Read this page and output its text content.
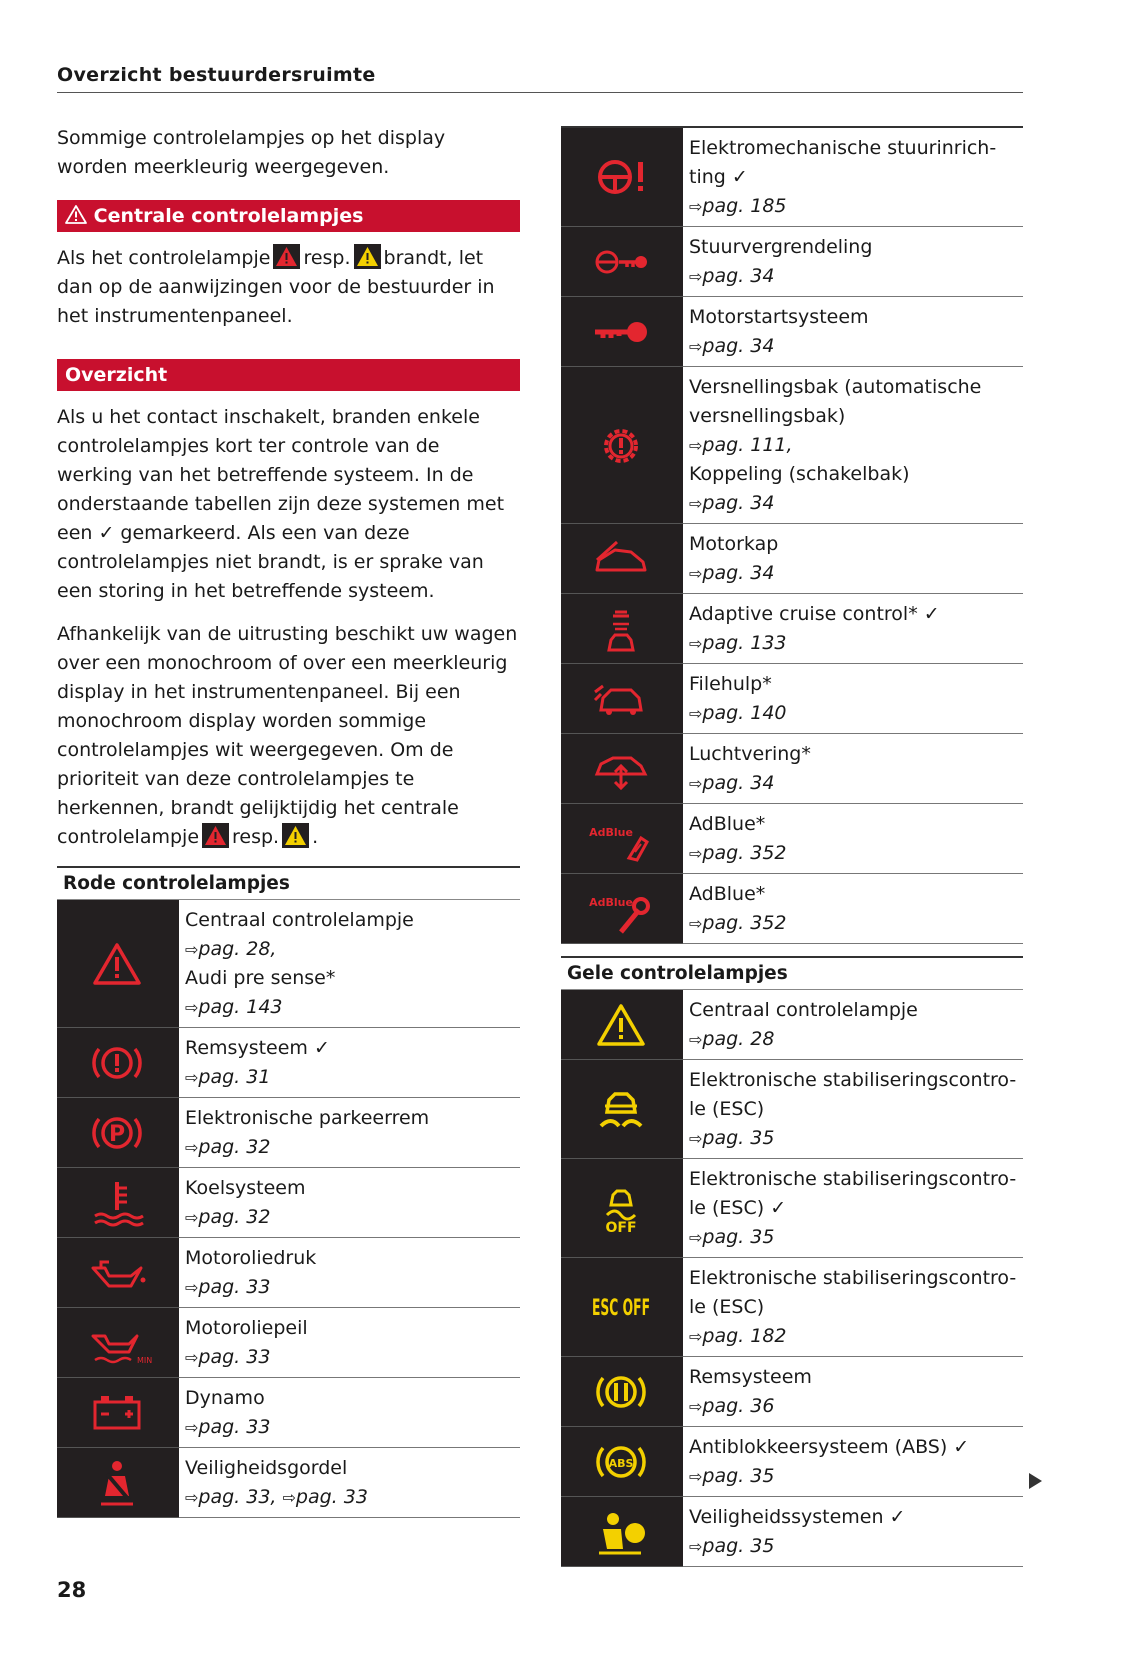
Overzicht bestuurdersruimte

Sommige controlelampjes op het display worden meerkleurig weergegeven.

Centrale controlelampjes

Als het controlelampje resp. brandt, let dan op de aanwijzingen voor de bestuurder in het instrumentenpaneel.

Overzicht

Als u het contact inschakelt, branden enkele controlelampjes kort ter controle van de werking van het betreffende systeem. In de onderstaande tabellen zijn deze systemen met een ✓ gemarkeerd. Als een van deze controlelampjes niet brandt, is er sprake van een storing in het betreffende systeem.

Afhankelijk van de uitrusting beschikt uw wagen over een monochroom of over een meerkleurig display in het instrumentenpaneel. Bij een monochroom display worden sommige controlelampjes wit weergegeven. Om de prioriteit van deze controlelampjes te herkennen, brandt gelijktijdig het centrale controlelampje resp. .

Rode controlelampjes

Centraal controlelampje
⇨pag. 28,
Audi pre sense*
⇨pag. 143

Remsysteem ✓
⇨pag. 31

P	Elektronische parkeerrem
⇨pag. 32

Koelsysteem
⇨pag. 32

Motoroliedruk
⇨pag. 33

MIN	Motoroliepeil
⇨pag. 33

Dynamo
⇨pag. 33

Veiligheidsgordel
⇨pag. 33, ⇨pag. 33

Elektromechanische stuurinrich-
ting ✓
⇨pag. 185

Stuurvergrendeling
⇨pag. 34

Motorstartsysteem
⇨pag. 34

Versnellingsbak (automatische
versnellingsbak)
⇨pag. 111,
Koppeling (schakelbak)
⇨pag. 34

Motorkap
⇨pag. 34

Adaptive cruise control* ✓
⇨pag. 133

Filehulp*
⇨pag. 140

Luchtvering*
⇨pag. 34

AdBlue	AdBlue*
⇨pag. 352

AdBlue	AdBlue*
⇨pag. 352
Gele controlelampjes

Centraal controlelampje
⇨pag. 28

Elektronische stabiliseringscontro-
le (ESC)
⇨pag. 35

OFF	Elektronische stabiliseringscontro-
le (ESC) ✓
⇨pag. 35

ESC OFF	Elektronische stabiliseringscontro-
le (ESC)
⇨pag. 182

Remsysteem
⇨pag. 36

ABS	Antiblokkeersysteem (ABS) ✓
⇨pag. 35

Veiligheidssystemen ✓
⇨pag. 35
28
